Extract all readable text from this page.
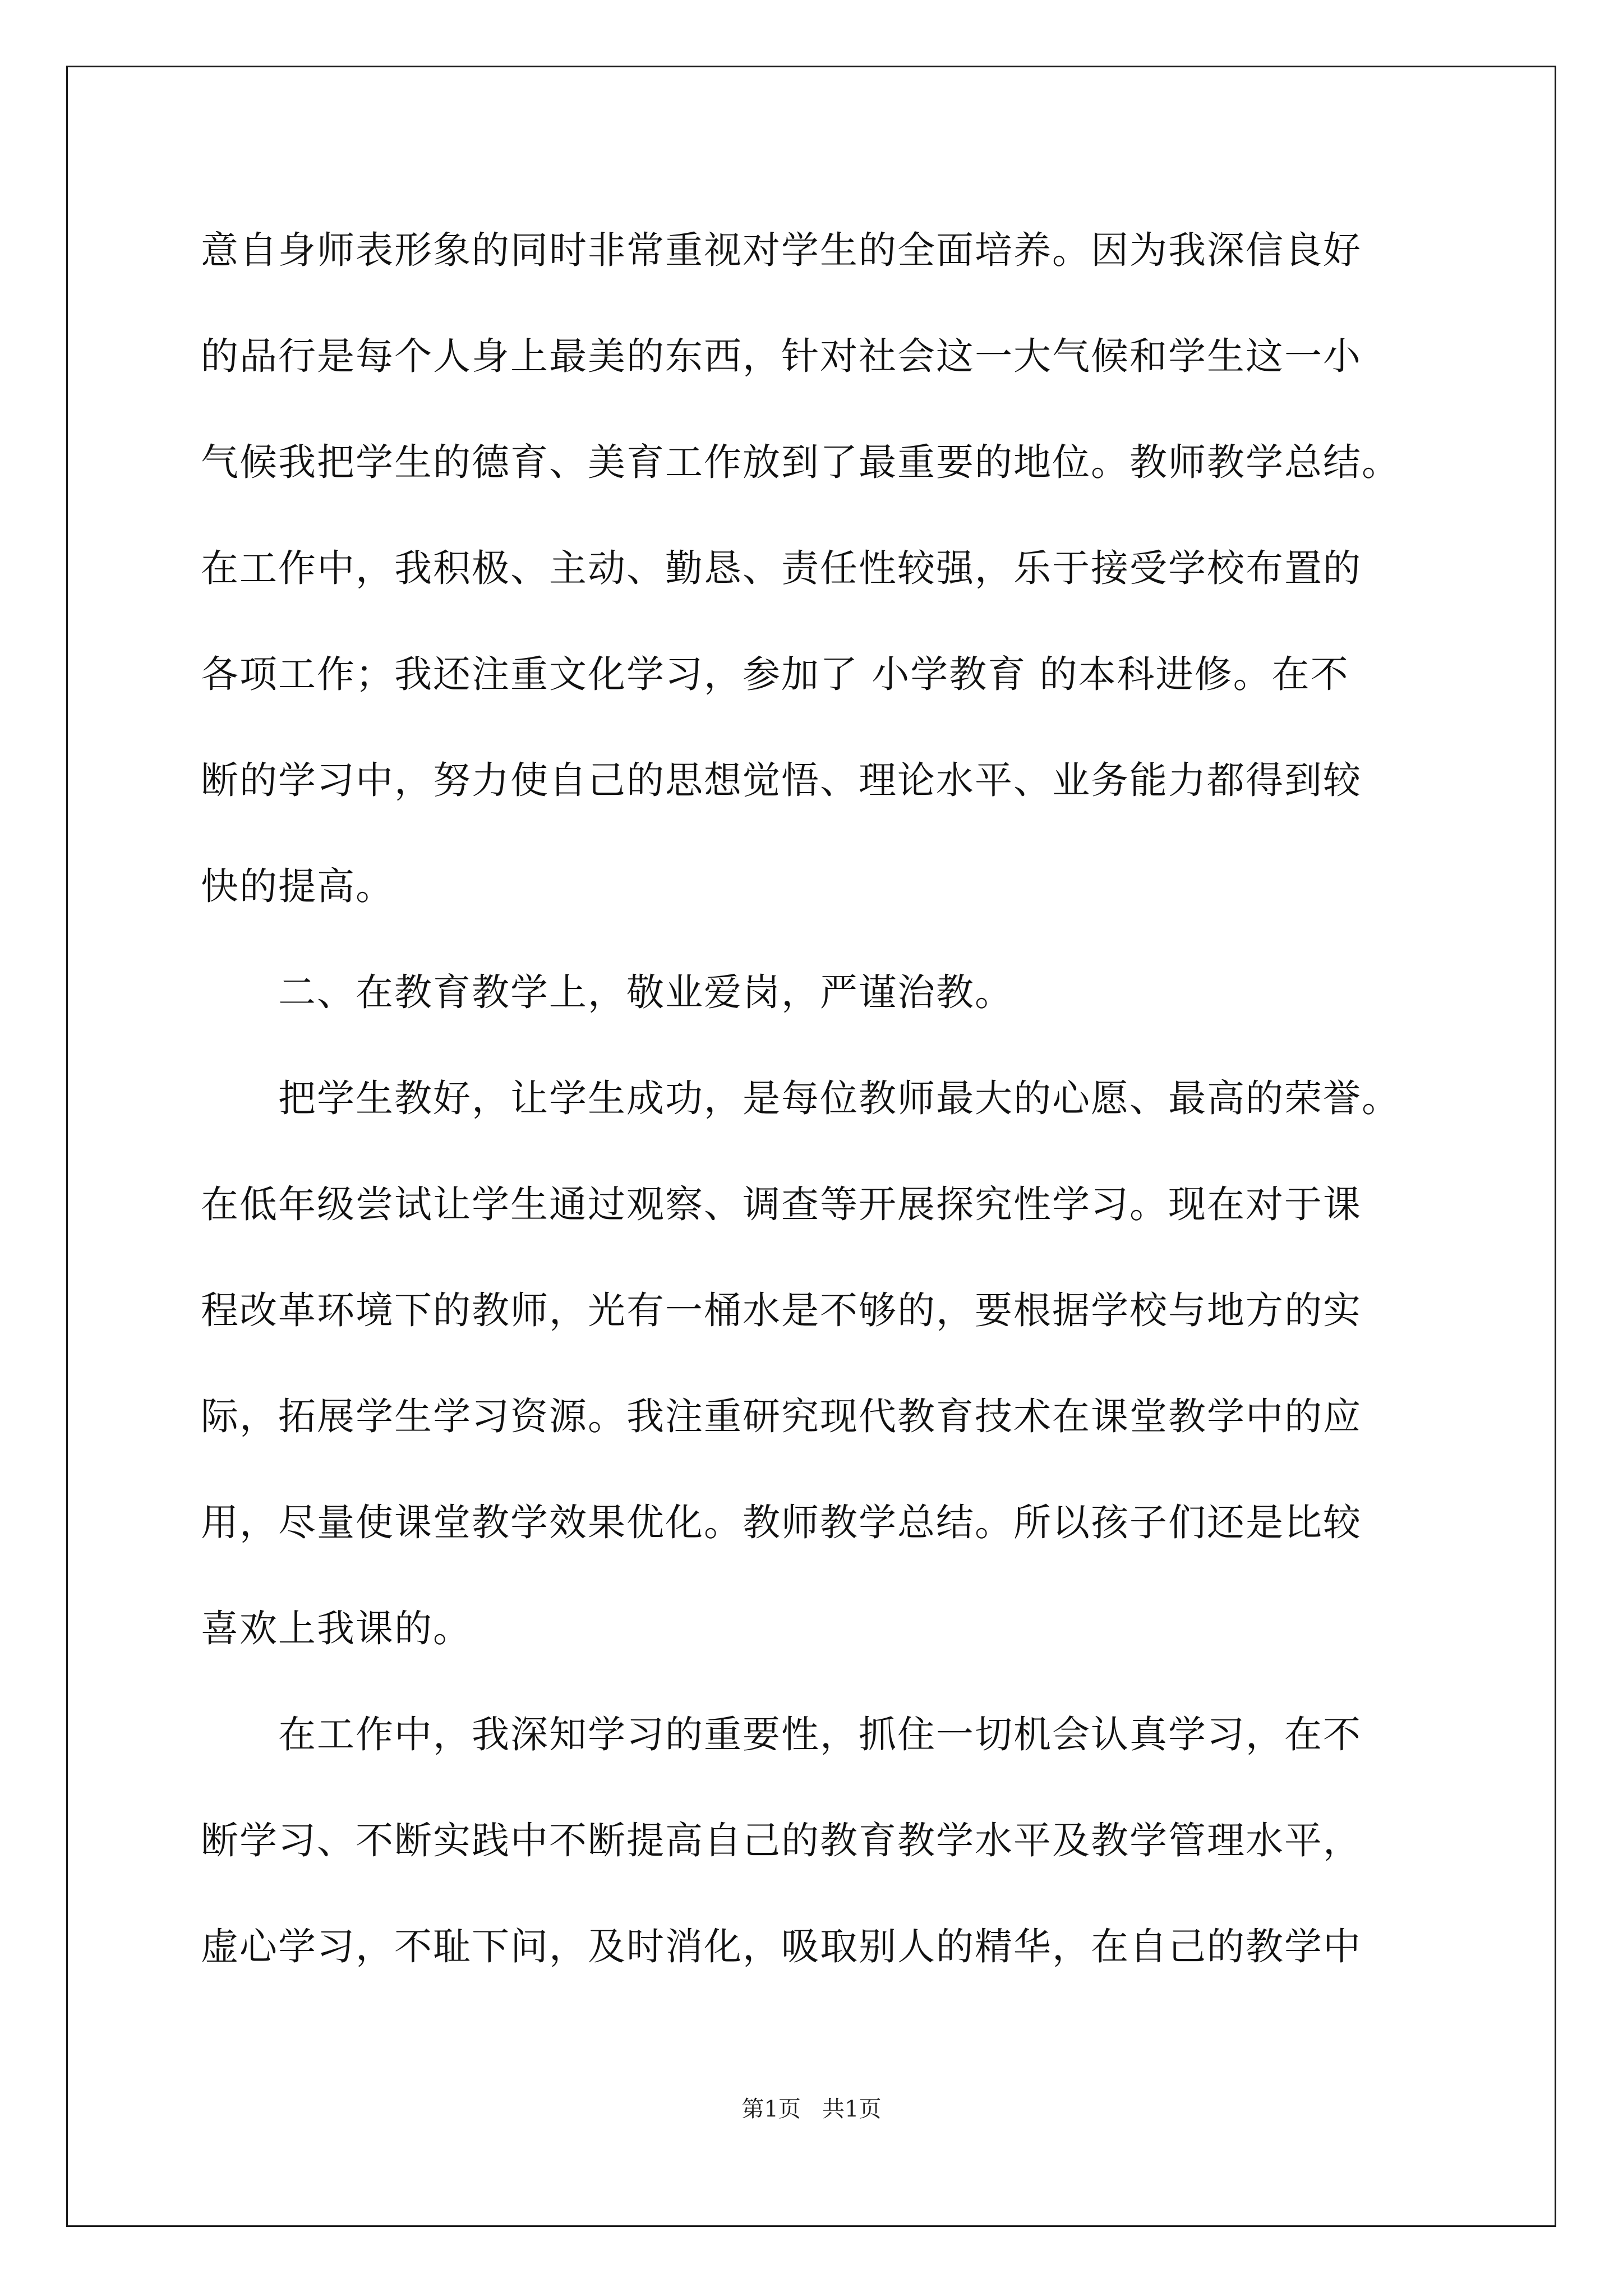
意自身师表形象的同时非常重视对学生的全面培养。因为我深信良好
的品行是每个人身上最美的东西，针对社会这一大气候和学生这一小
气候我把学生的德育、美育工作放到了最重要的地位。教师教学总结。
在工作中，我积极、主动、勤恳、责任性较强，乐于接受学校布置的
各项工作；我还注重文化学习，参加了 小学教育 的本科进修。在不
断的学习中，努力使自己的思想觉悟、理论水平、业务能力都得到较
快的提高。
　　二、在教育教学上，敬业爱岗，严谨治教。
　　把学生教好，让学生成功，是每位教师最大的心愿、最高的荣誉。
在低年级尝试让学生通过观察、调查等开展探究性学习。现在对于课
程改革环境下的教师，光有一桶水是不够的，要根据学校与地方的实
际，拓展学生学习资源。我注重研究现代教育技术在课堂教学中的应
用，尽量使课堂教学效果优化。教师教学总结。所以孩子们还是比较
喜欢上我课的。
　　在工作中，我深知学习的重要性，抓住一切机会认真学习，在不
断学习、不断实践中不断提高自己的教育教学水平及教学管理水平，
虚心学习，不耻下问，及时消化，吸取别人的精华，在自己的教学中
第1页   共1页
